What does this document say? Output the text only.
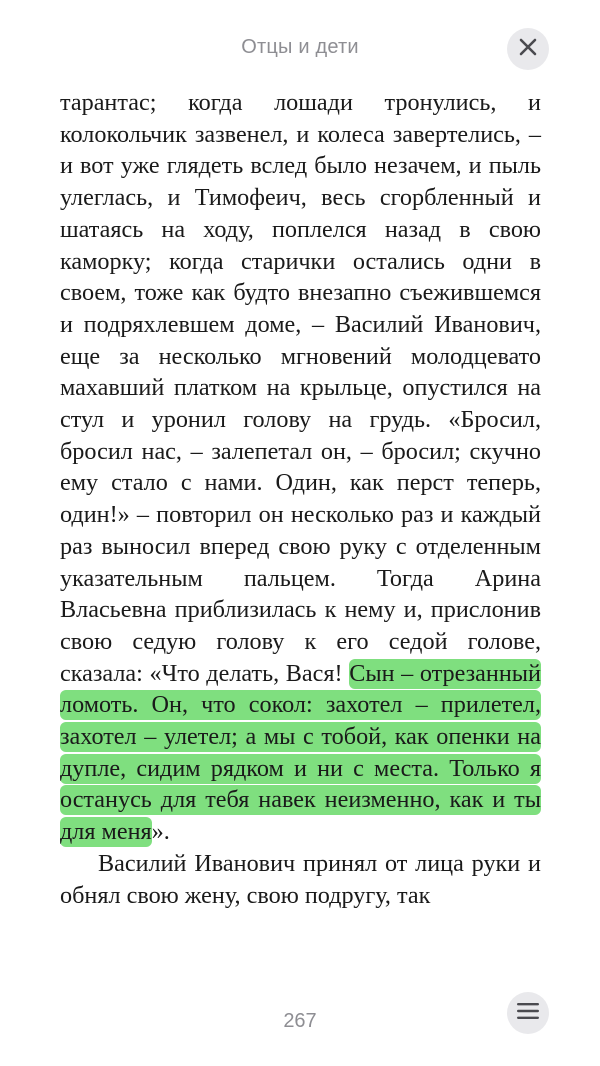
Отцы и дети

тарантас; когда лошади тронулись, и колокольчик зазвенел, и колеса завертелись, – и вот уже глядеть вслед было незачем, и пыль улеглась, и Тимофеич, весь сгорбленный и шатаясь на ходу, поплелся назад в свою каморку; когда старички остались одни в своем, тоже как будто внезапно съежившемся и подряхлевшем доме, – Василий Иванович, еще за несколько мгновений молодцевато махавший платком на крыльце, опустился на стул и уронил голову на грудь. «Бросил, бросил нас, – залепетал он, – бросил; скучно ему стало с нами. Один, как перст теперь, один!» – повторил он несколько раз и каждый раз выносил вперед свою руку с отделенным указательным пальцем. Тогда Арина Власьевна приблизилась к нему и, прислонив свою седую голову к его седой голове, сказала: «Что делать, Вася! Сын – отрезанный ломоть. Он, что сокол: захотел – прилетел, захотел – улетел; а мы с тобой, как опенки на дупле, сидим рядком и ни с места. Только я останусь для тебя навек неизменно, как и ты для меня».

Василий Иванович принял от лица руки и обнял свою жену, свою подругу, так

267
